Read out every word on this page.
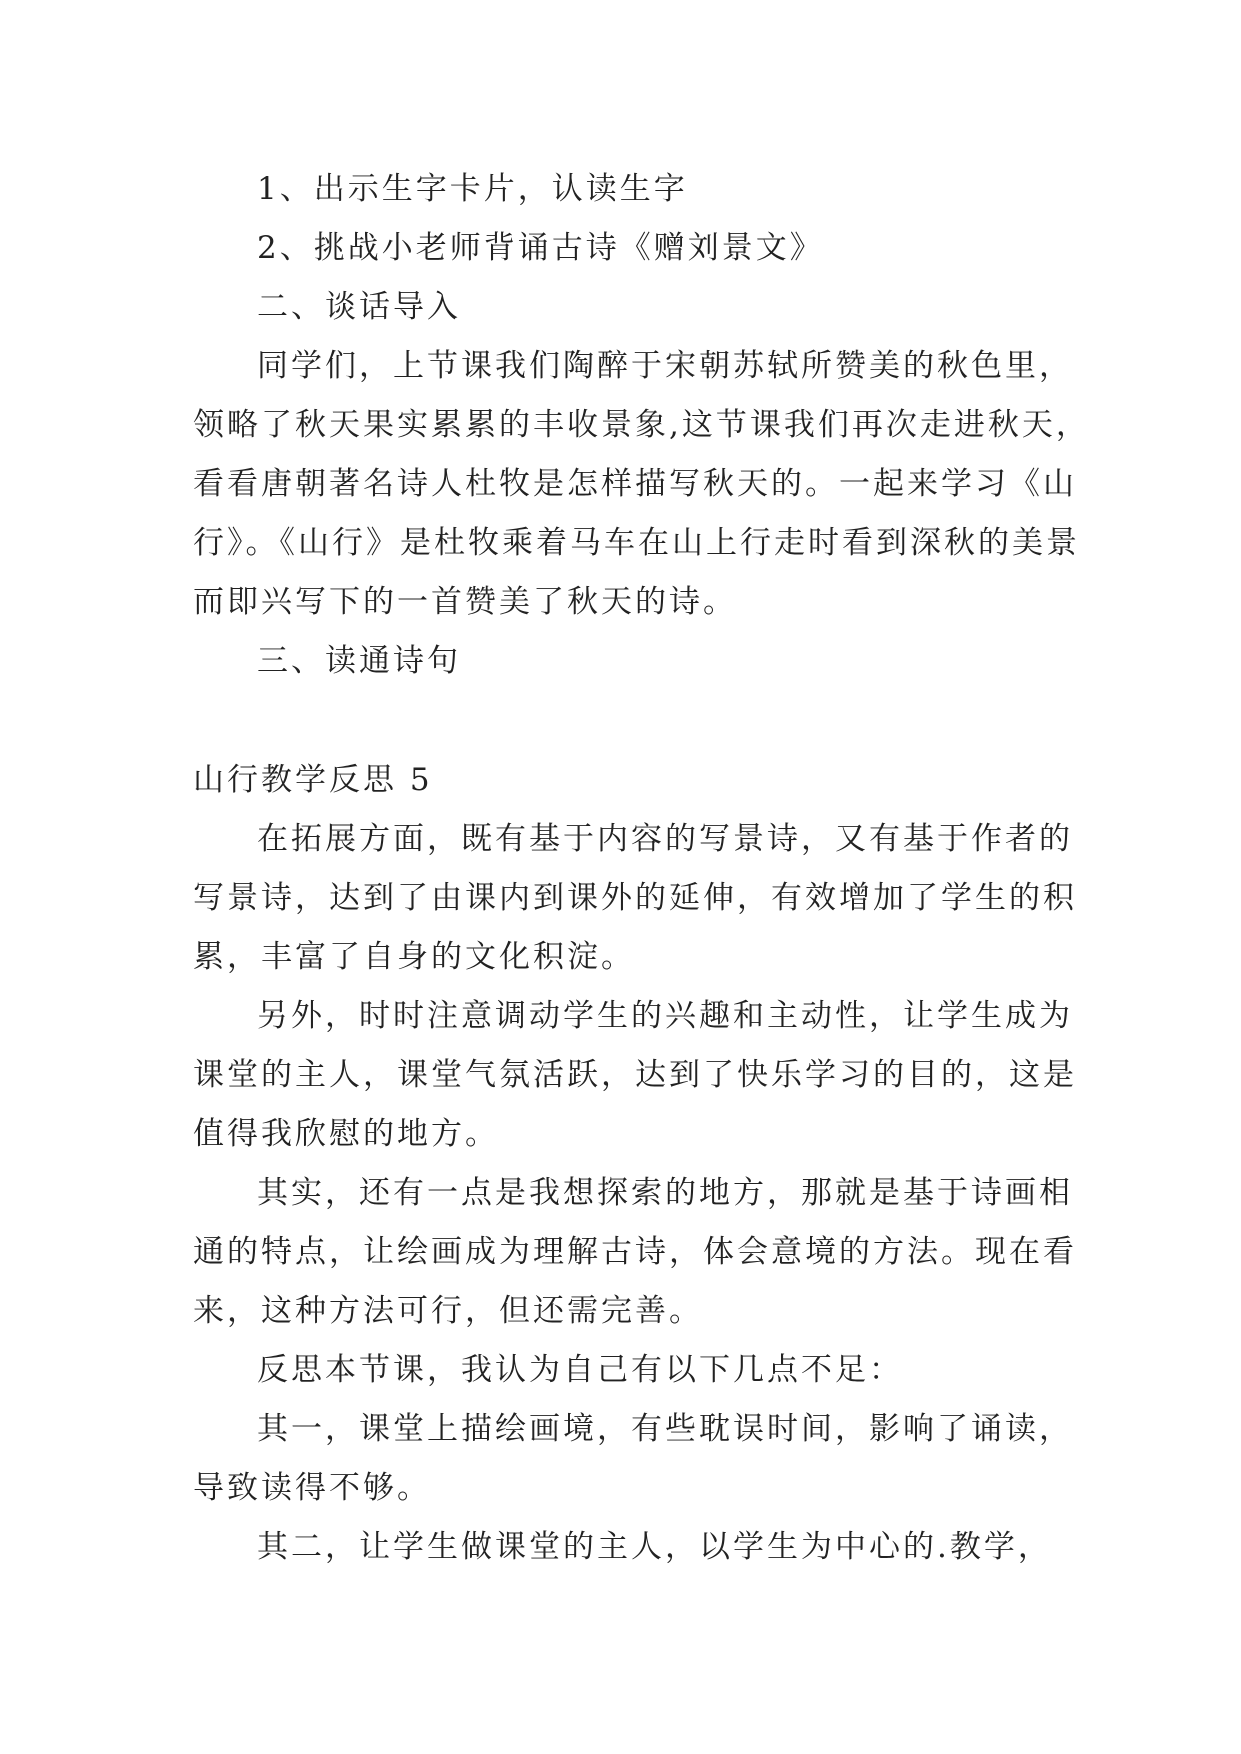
1、出示生字卡片，认读生字
2、挑战小老师背诵古诗《赠刘景文》
二、谈话导入
同学们，上节课我们陶醉于宋朝苏轼所赞美的秋色里，
领略了秋天果实累累的丰收景象,这节课我们再次走进秋天，
看看唐朝著名诗人杜牧是怎样描写秋天的。一起来学习《山
行》。《山行》是杜牧乘着马车在山上行走时看到深秋的美景
而即兴写下的一首赞美了秋天的诗。
三、读通诗句
山行教学反思 5
在拓展方面，既有基于内容的写景诗，又有基于作者的
写景诗，达到了由课内到课外的延伸，有效增加了学生的积
累，丰富了自身的文化积淀。
另外，时时注意调动学生的兴趣和主动性，让学生成为
课堂的主人，课堂气氛活跃，达到了快乐学习的目的，这是
值得我欣慰的地方。
其实，还有一点是我想探索的地方，那就是基于诗画相
通的特点，让绘画成为理解古诗，体会意境的方法。现在看
来，这种方法可行，但还需完善。
反思本节课，我认为自己有以下几点不足：
其一，课堂上描绘画境，有些耽误时间，影响了诵读，
导致读得不够。
其二，让学生做课堂的主人，以学生为中心的.教学，
